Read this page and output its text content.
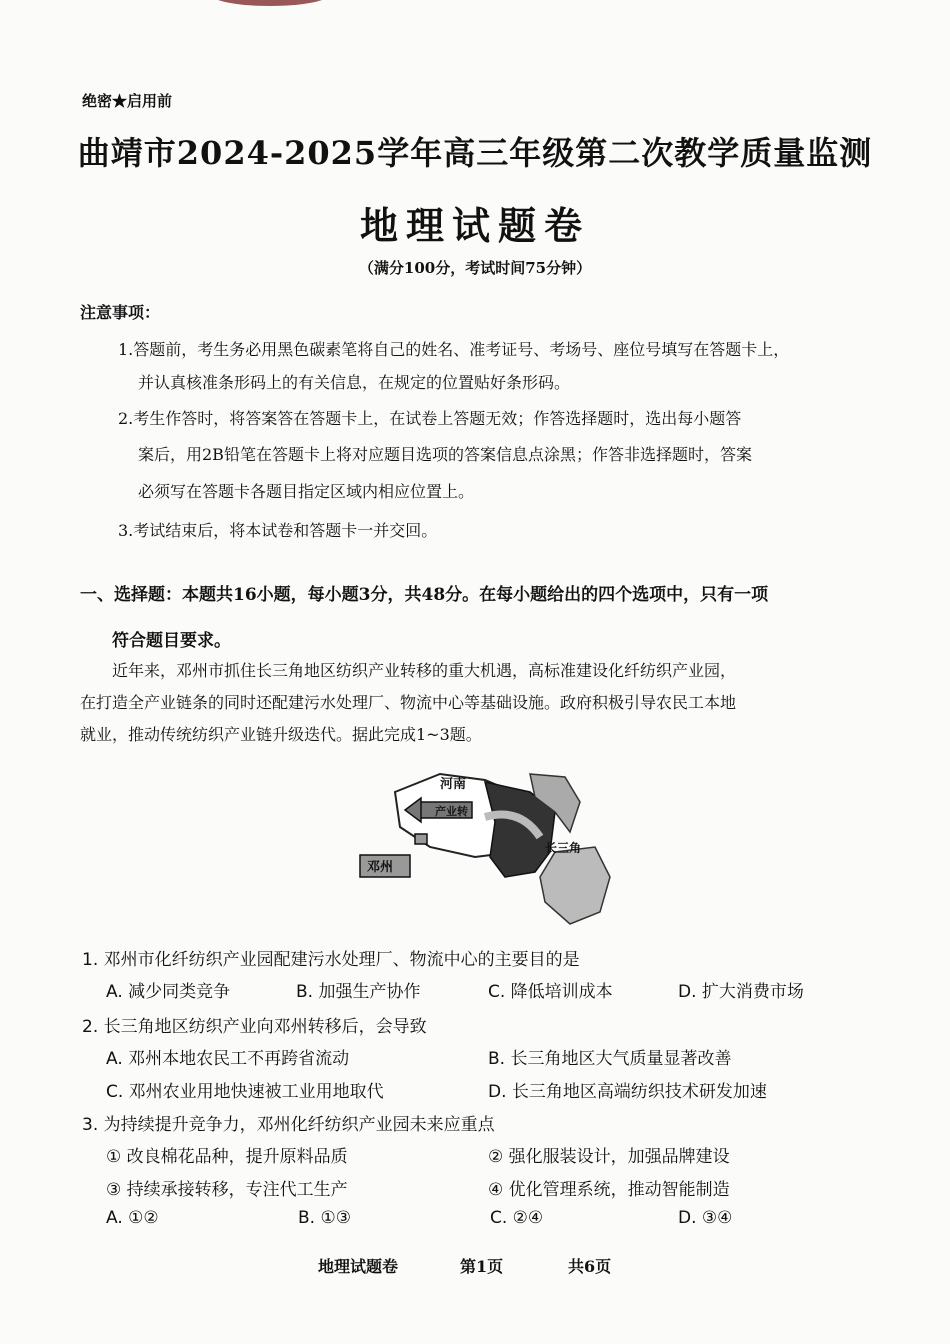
绝密★启用前
曲靖市2024-2025学年高三年级第二次教学质量监测
地理试题卷
（满分100分，考试时间75分钟）
注意事项：
1.答题前，考生务必用黑色碳素笔将自己的姓名、准考证号、考场号、座位号填写在答题卡上，
并认真核准条形码上的有关信息，在规定的位置贴好条形码。
2.考生作答时，将答案答在答题卡上，在试卷上答题无效；作答选择题时，选出每小题答
案后，用2B铅笔在答题卡上将对应题目选项的答案信息点涂黑；作答非选择题时，答案
必须写在答题卡各题目指定区域内相应位置上。
3.考试结束后，将本试卷和答题卡一并交回。
一、选择题：本题共16小题，每小题3分，共48分。在每小题给出的四个选项中，只有一项
符合题目要求。
近年来，邓州市抓住长三角地区纺织产业转移的重大机遇，高标准建设化纤纺织产业园，
在打造全产业链条的同时还配建污水处理厂、物流中心等基础设施。政府积极引导农民工本地
就业，推动传统纺织产业链升级迭代。据此完成1~3题。
河南
产业转
长三角
邓州
1. 邓州市化纤纺织产业园配建污水处理厂、物流中心的主要目的是
A. 减少同类竞争	B. 加强生产协作	C. 降低培训成本	D. 扩大消费市场
2. 长三角地区纺织产业向邓州转移后，会导致
A. 邓州本地农民工不再跨省流动	B. 长三角地区大气质量显著改善
C. 邓州农业用地快速被工业用地取代	D. 长三角地区高端纺织技术研发加速
3. 为持续提升竞争力，邓州化纤纺织产业园未来应重点
① 改良棉花品种，提升原料品质	② 强化服装设计，加强品牌建设
③ 持续承接转移，专注代工生产	④ 优化管理系统，推动智能制造
A. ①②	B. ①③	C. ②④	D. ③④
地理试题卷	第1页	共6页
